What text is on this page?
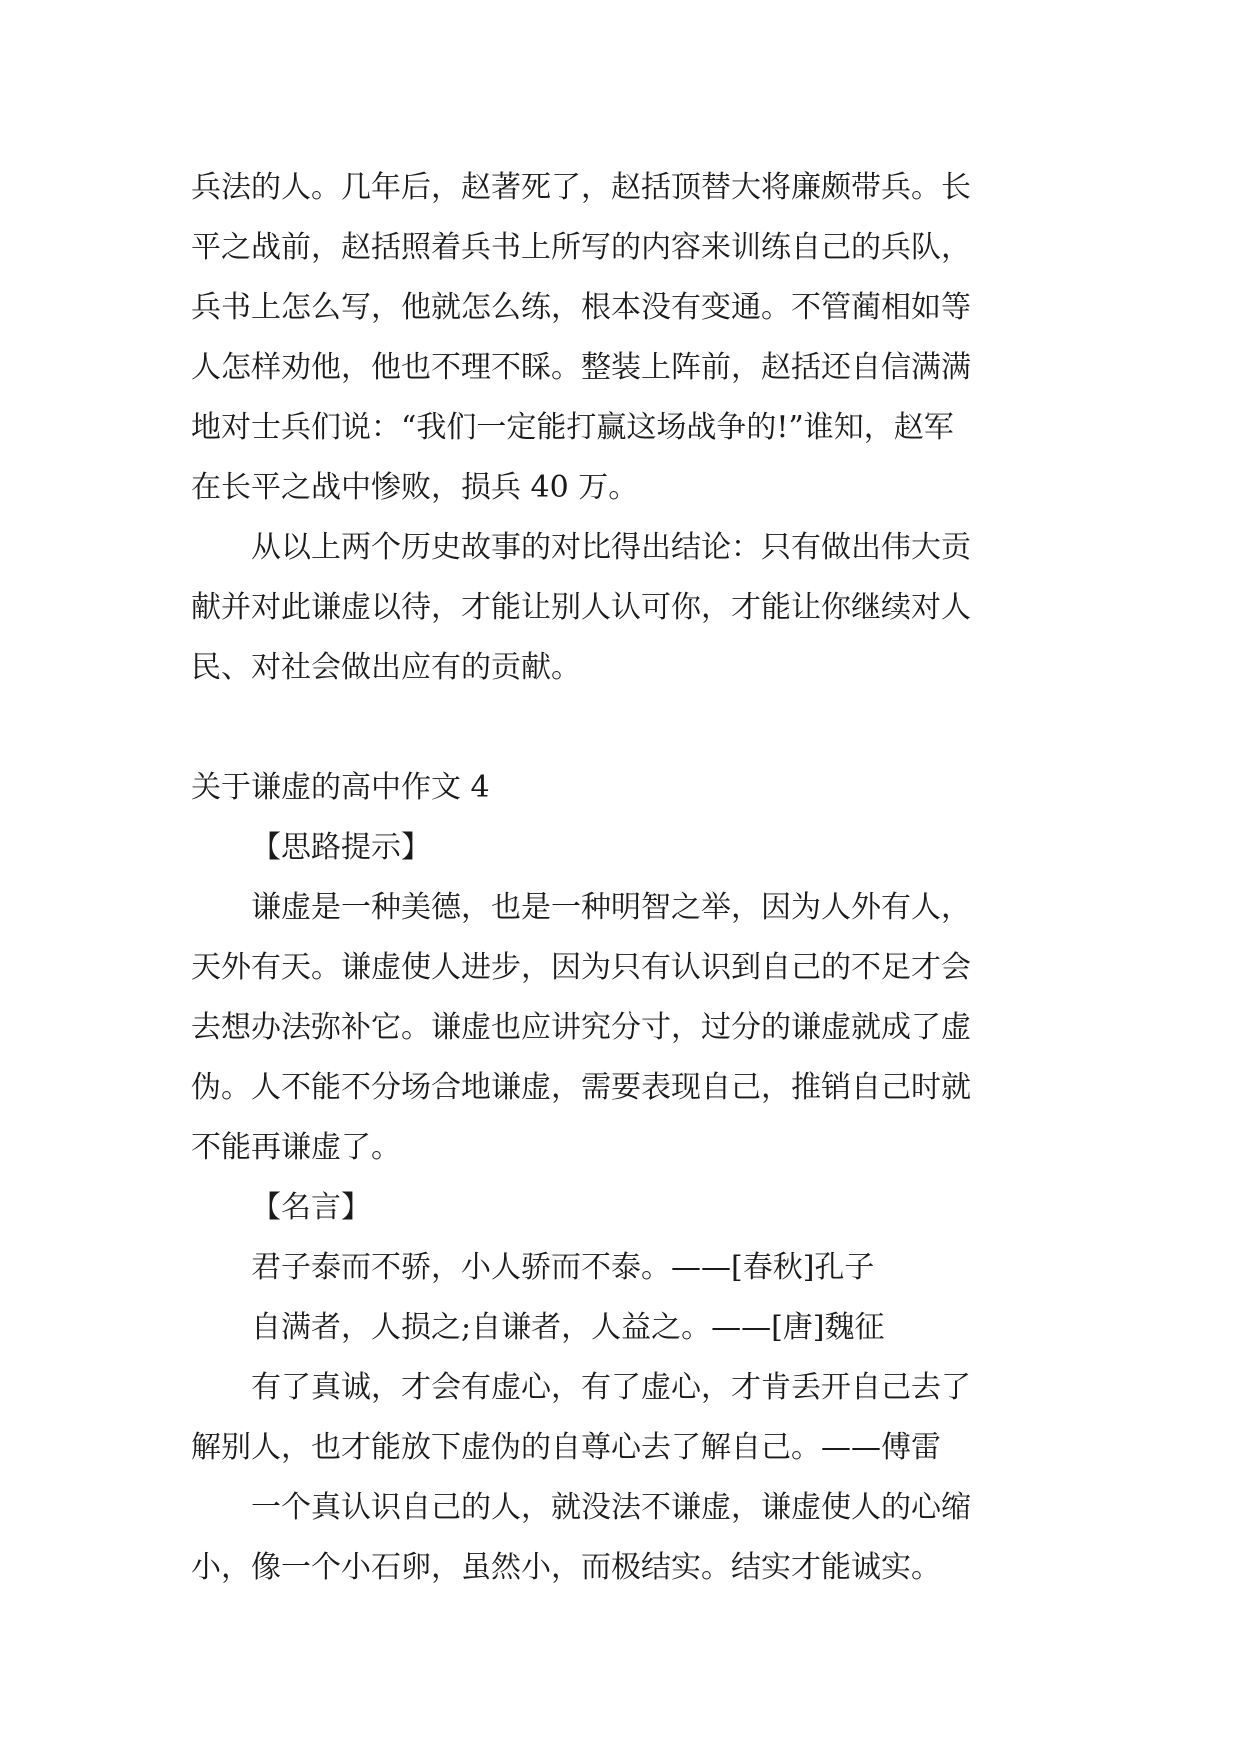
兵法的人。几年后，赵著死了，赵括顶替大将廉颇带兵。长
平之战前，赵括照着兵书上所写的内容来训练自己的兵队，
兵书上怎么写，他就怎么练，根本没有变通。不管蔺相如等
人怎样劝他，他也不理不睬。整装上阵前，赵括还自信满满
地对士兵们说：“我们一定能打赢这场战争的!”谁知，赵军
在长平之战中惨败，损兵 40 万。

从以上两个历史故事的对比得出结论：只有做出伟大贡
献并对此谦虚以待，才能让别人认可你，才能让你继续对人
民、对社会做出应有的贡献。

关于谦虚的高中作文 4

【思路提示】

谦虚是一种美德，也是一种明智之举，因为人外有人，
天外有天。谦虚使人进步，因为只有认识到自己的不足才会
去想办法弥补它。谦虚也应讲究分寸，过分的谦虚就成了虚
伪。人不能不分场合地谦虚，需要表现自己，推销自己时就
不能再谦虚了。

【名言】

君子泰而不骄，小人骄而不泰。——[春秋]孔子

自满者，人损之;自谦者，人益之。——[唐]魏征

有了真诚，才会有虚心，有了虚心，才肯丢开自己去了
解别人，也才能放下虚伪的自尊心去了解自己。——傅雷

一个真认识自己的人，就没法不谦虚，谦虚使人的心缩
小，像一个小石卵，虽然小，而极结实。结实才能诚实。
